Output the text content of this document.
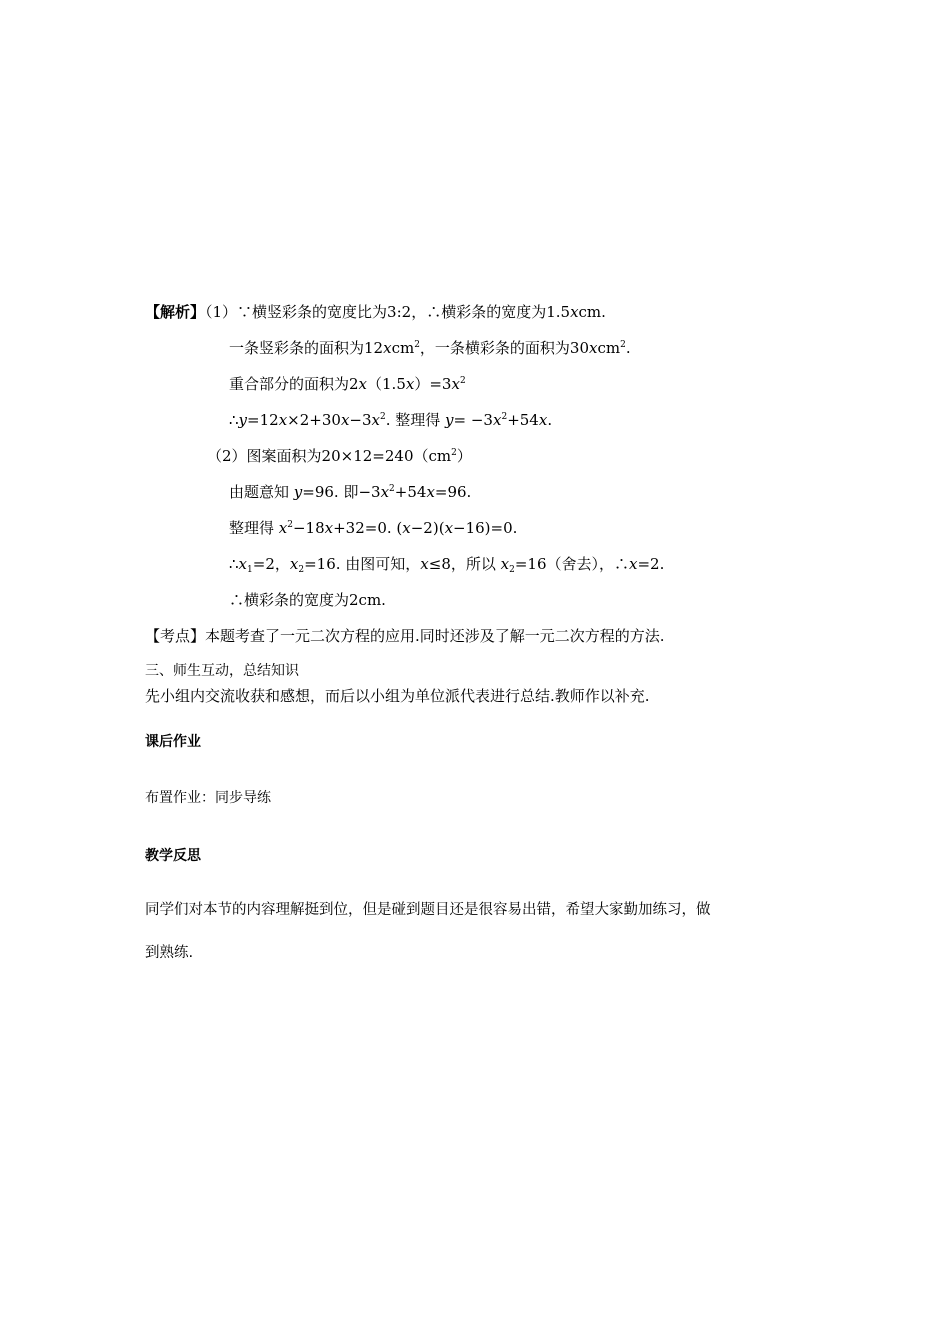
【解析】（1）∵横竖彩条的宽度比为3:2，∴横彩条的宽度为1.5xcm.
一条竖彩条的面积为12xcm$^2$，一条横彩条的面积为30xcm$^2$.
重合部分的面积为$2x(1.5x)=3x^2$
$\therefore y=12x\times 2+30x-3x^2$. 整理得 $y= -3x^2+54x$.
（2）图案面积为$20\times 12=240(cm^2)$
由题意知 y=96. 即$-3x^2+54x=96$.
整理得 $x^2-18x+32=0$. (x−2)(x−16)=0.
$\therefore x_1=2$，$x_2=16$. 由图可知，x≤8，所以 $x_2=16$（舍去），∴x=2.
∴横彩条的宽度为2cm.
【考点】本题考查了一元二次方程的应用.同时还涉及了解一元二次方程的方法.
三、师生互动，总结知识
先小组内交流收获和感想，而后以小组为单位派代表进行总结.教师作以补充.
课后作业
布置作业：同步导练
教学反思
同学们对本节的内容理解挺到位，但是碰到题目还是很容易出错，希望大家勤加练习，做
到熟练.
